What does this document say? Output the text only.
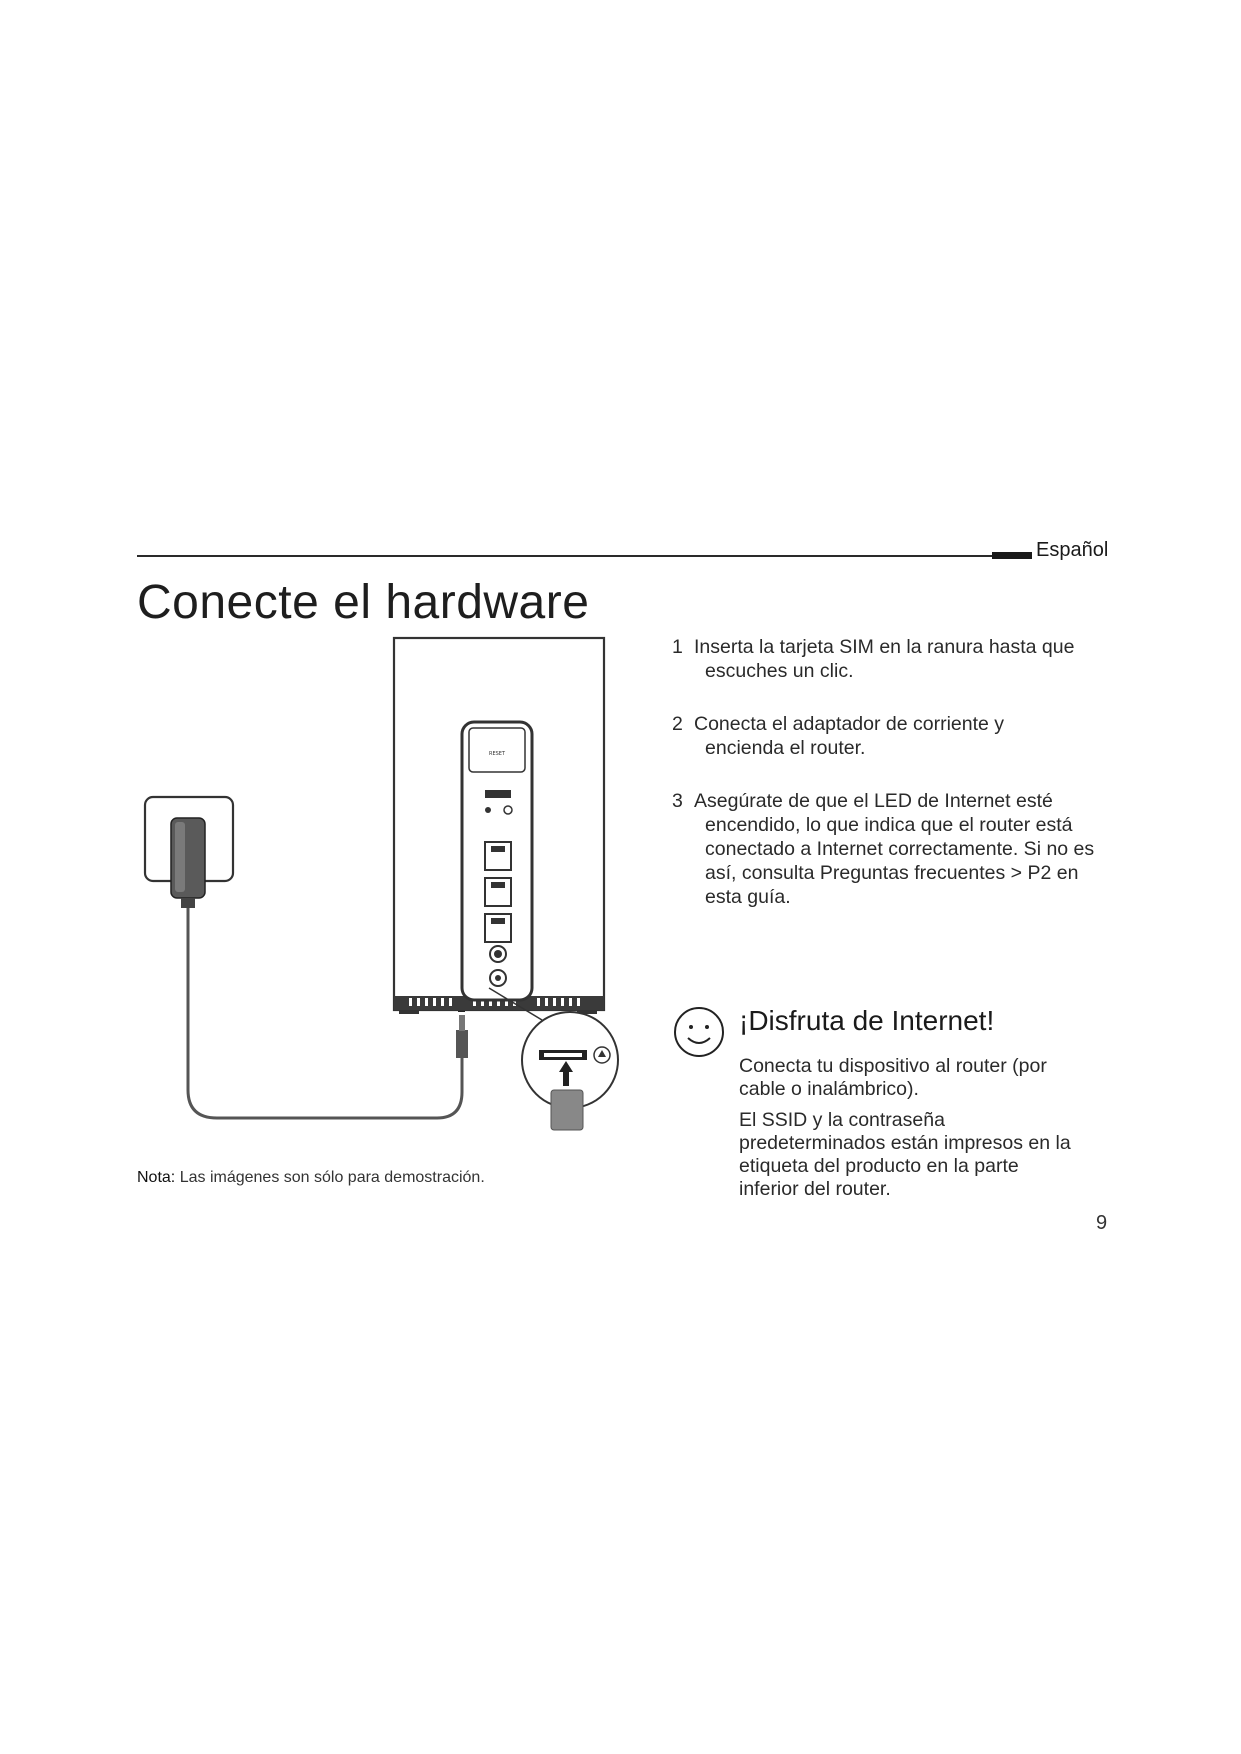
Español
Conecte el hardware
RESET
Nota: Las imágenes son sólo para demostración.
1 Inserta la tarjeta SIM en la ranura hasta que
escuches un clic.
2 Conecta el adaptador de corriente y
encienda el router.
3 Asegúrate de que el LED de Internet esté
encendido, lo que indica que el router está conectado a Internet correctamente. Si no es así, consulta Preguntas frecuentes > P2 en esta guía.
¡Disfruta de Internet!

Conecta tu dispositivo al router (por cable o inalámbrico).

El SSID y la contraseña predeterminados están impresos en la etiqueta del producto en la parte inferior del router.

9
